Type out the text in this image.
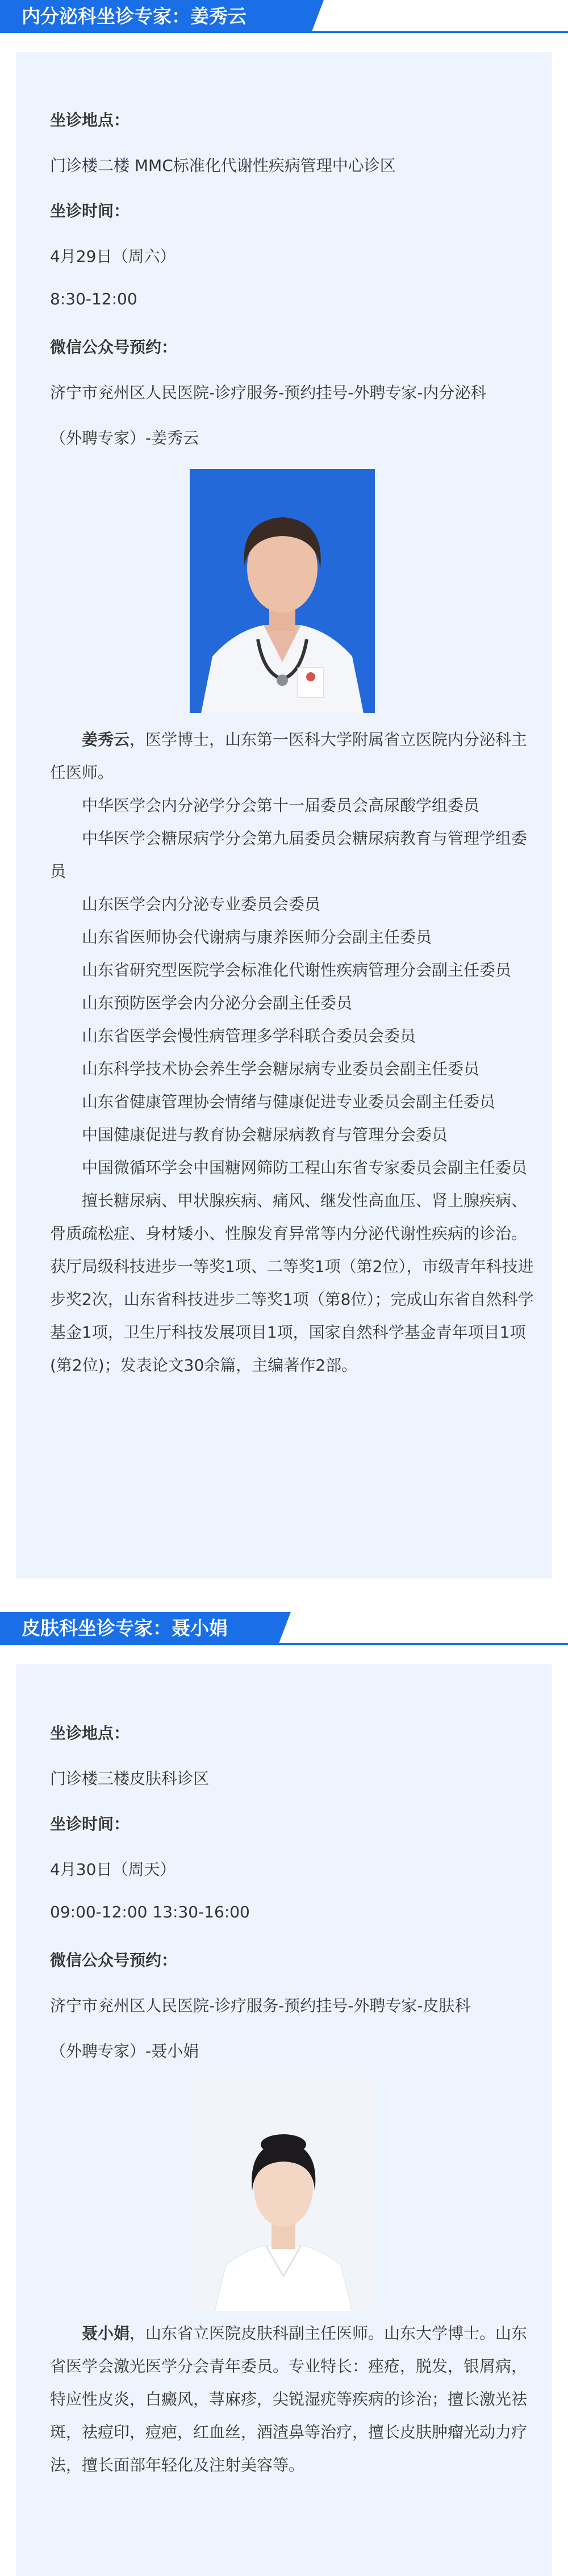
内分泌科坐诊专家：姜秀云
坐诊地点：
门诊楼二楼 MMC标准化代谢性疾病管理中心诊区
坐诊时间：
4月29日（周六）
8:30-12:00
微信公众号预约：
济宁市兖州区人民医院-诊疗服务-预约挂号-外聘专家-内分泌科
（外聘专家）-姜秀云
姜秀云，医学博士，山东第一医科大学附属省立医院内分泌科主任医师。
中华医学会内分泌学分会第十一届委员会高尿酸学组委员
中华医学会糖尿病学分会第九届委员会糖尿病教育与管理学组委员
山东医学会内分泌专业委员会委员
山东省医师协会代谢病与康养医师分会副主任委员
山东省研究型医院学会标准化代谢性疾病管理分会副主任委员
山东预防医学会内分泌分会副主任委员
山东省医学会慢性病管理多学科联合委员会委员
山东科学技术协会养生学会糖尿病专业委员会副主任委员
山东省健康管理协会情绪与健康促进专业委员会副主任委员
中国健康促进与教育协会糖尿病教育与管理分会委员
中国微循环学会中国糖网筛防工程山东省专家委员会副主任委员
擅长糖尿病、甲状腺疾病、痛风、继发性高血压、肾上腺疾病、骨质疏松症、身材矮小、性腺发育异常等内分泌代谢性疾病的诊治。获厅局级科技进步一等奖1项、二等奖1项（第2位），市级青年科技进步奖2次，山东省科技进步二等奖1项（第8位）；完成山东省自然科学基金1项，卫生厅科技发展项目1项，国家自然科学基金青年项目1项(第2位)；发表论文30余篇，主编著作2部。
皮肤科坐诊专家：聂小娟
坐诊地点：
门诊楼三楼皮肤科诊区
坐诊时间：
4月30日（周天）
09:00-12:00 13:30-16:00
微信公众号预约：
济宁市兖州区人民医院-诊疗服务-预约挂号-外聘专家-皮肤科
（外聘专家）-聂小娟
聂小娟，山东省立医院皮肤科副主任医师。山东大学博士。山东省医学会激光医学分会青年委员。专业特长：痤疮，脱发，银屑病，特应性皮炎，白癜风，荨麻疹，尖锐湿疣等疾病的诊治；擅长激光祛斑，祛痘印，痘疤，红血丝，酒渣鼻等治疗，擅长皮肤肿瘤光动力疗法，擅长面部年轻化及注射美容等。
